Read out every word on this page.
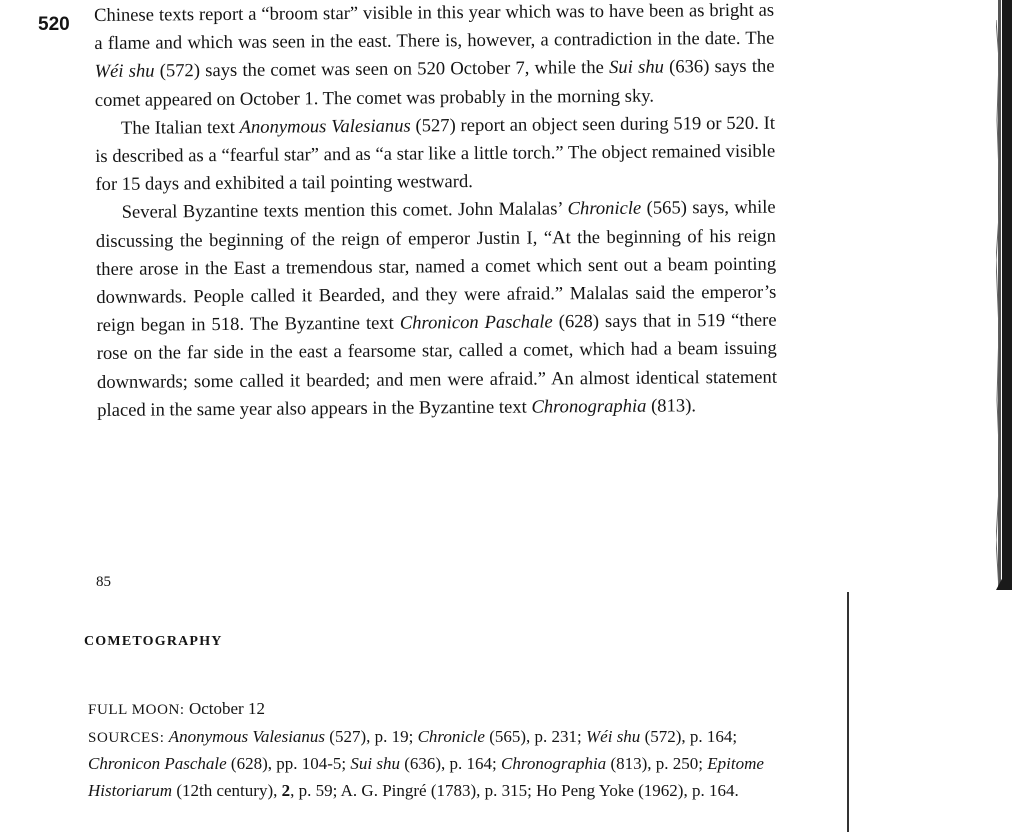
520 Chinese texts report a “broom star” visible in this year which was to have been as bright as a flame and which was seen in the east. There is, however, a contradiction in the date. The Wéi shu (572) says the comet was seen on 520 October 7, while the Sui shu (636) says the comet appeared on October 1. The comet was probably in the morning sky.

The Italian text Anonymous Valesianus (527) report an object seen during 519 or 520. It is described as a “fearful star” and as “a star like a little torch.” The object remained visible for 15 days and exhibited a tail pointing westward.

Several Byzantine texts mention this comet. John Malalas’ Chronicle (565) says, while discussing the beginning of the reign of emperor Justin I, “At the beginning of his reign there arose in the East a tremendous star, named a comet which sent out a beam pointing downwards. People called it Bearded, and they were afraid.” Malalas said the emperor’s reign began in 518. The Byzantine text Chronicon Paschale (628) says that in 519 “there rose on the far side in the east a fearsome star, called a comet, which had a beam issuing downwards; some called it bearded; and men were afraid.” An almost identical statement placed in the same year also appears in the Byzantine text Chronographia (813).

85
COMETOGRAPHY

FULL MOON: October 12

SOURCES: Anonymous Valesianus (527), p. 19; Chronicle (565), p. 231; Wéi shu (572), p. 164; Chronicon Paschale (628), pp. 104-5; Sui shu (636), p. 164; Chronographia (813), p. 250; Epitome Historiarum (12th century), 2, p. 59; A. G. Pingré (1783), p. 315; Ho Peng Yoke (1962), p. 164.
